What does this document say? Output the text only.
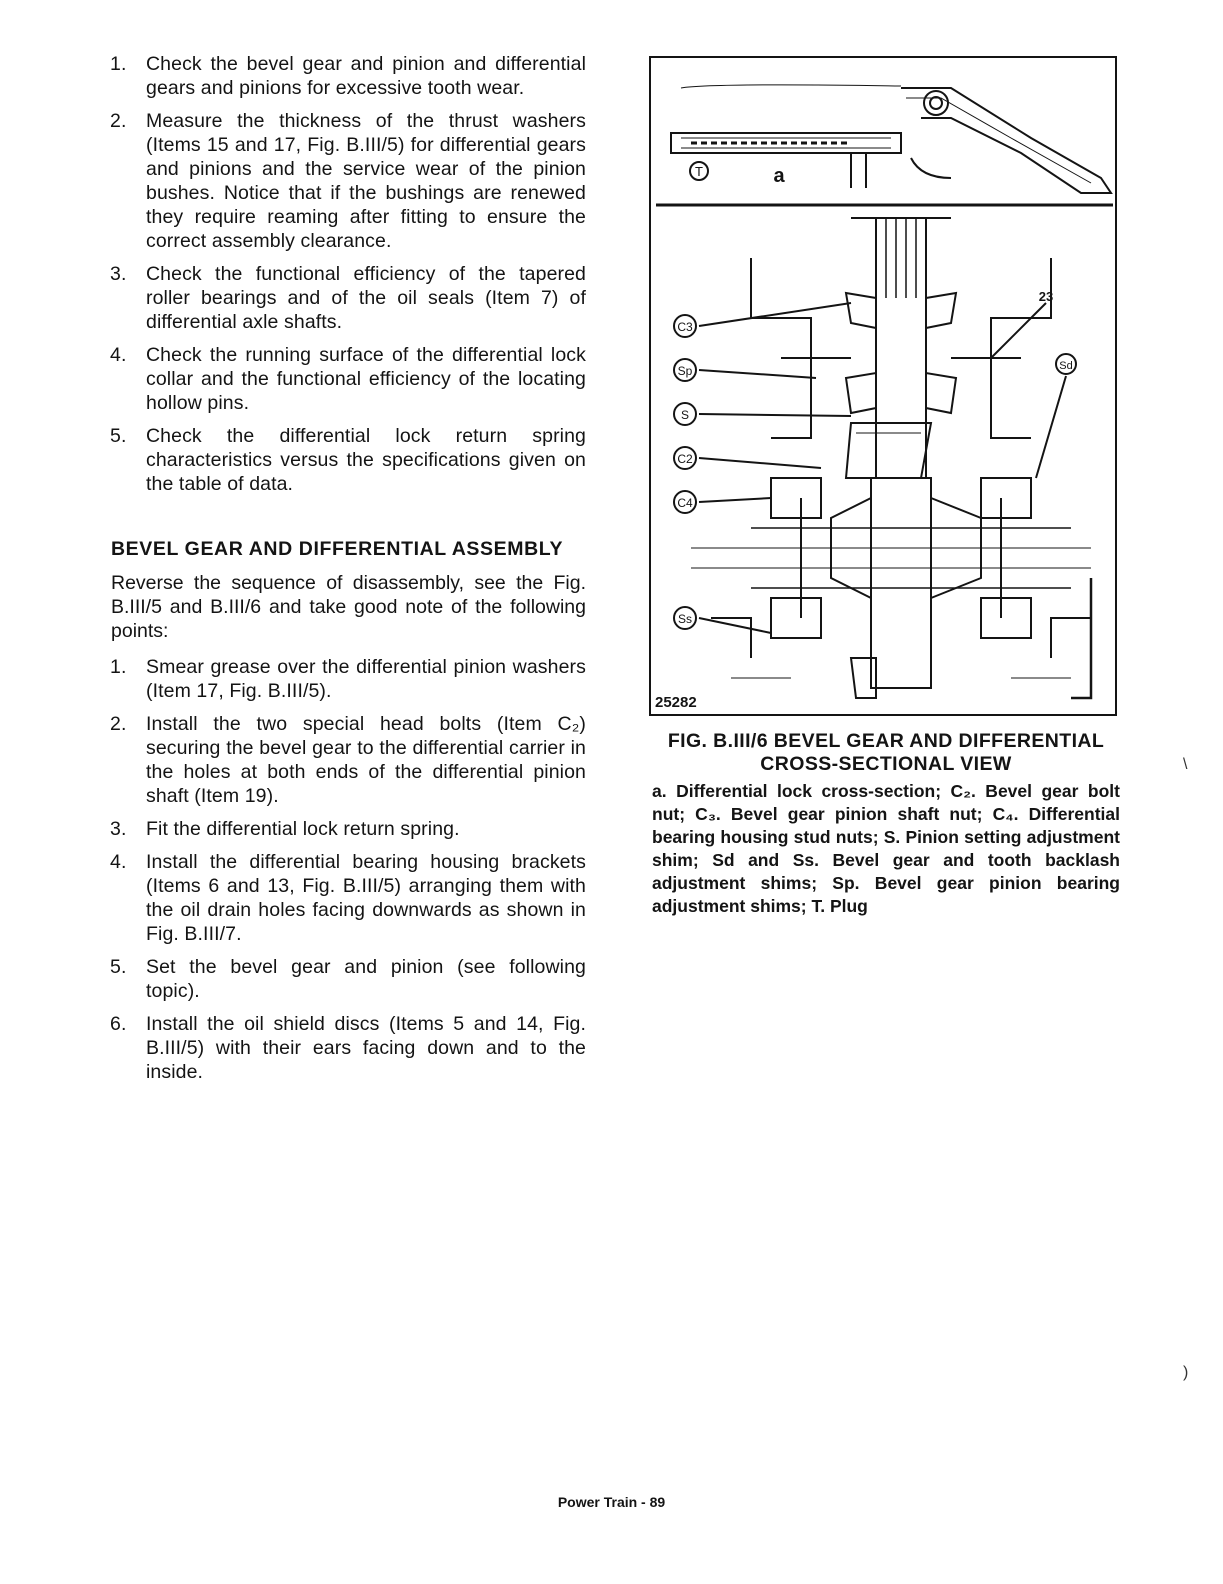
1. Check the bevel gear and pinion and differential gears and pinions for excessive tooth wear.
2. Measure the thickness of the thrust washers (Items 15 and 17, Fig. B.III/5) for differential gears and pinions and the service wear of the pinion bushes. Notice that if the bushings are renewed they require reaming after fitting to ensure the correct assembly clearance.
3. Check the functional efficiency of the tapered roller bearings and of the oil seals (Item 7) of differential axle shafts.
4. Check the running surface of the differential lock collar and the functional efficiency of the locating hollow pins.
5. Check the differential lock return spring characteristics versus the specifications given on the table of data.
BEVEL GEAR AND DIFFERENTIAL ASSEMBLY

Reverse the sequence of disassembly, see the Fig. B.III/5 and B.III/6 and take good note of the following points:

1. Smear grease over the differential pinion washers (Item 17, Fig. B.III/5).
2. Install the two special head bolts (Item C₂) securing the bevel gear to the differential carrier in the holes at both ends of the differential pinion shaft (Item 19).
3. Fit the differential lock return spring.
4. Install the differential bearing housing brackets (Items 6 and 13, Fig. B.III/5) arranging them with the oil drain holes facing downwards as shown in Fig. B.III/7.
5. Set the bevel gear and pinion (see following topic).
6. Install the oil shield discs (Items 5 and 14, Fig. B.III/5) with their ears facing down and to the inside.
T	a
C3
Sp
S
C2
C4
Ss
Sd
23
25282
FIG. B.III/6 BEVEL GEAR AND DIFFERENTIAL
CROSS-SECTIONAL VIEW
a. Differential lock cross-section; C₂. Bevel gear bolt nut; C₃. Bevel gear pinion shaft nut; C₄. Differential bearing housing stud nuts; S. Pinion setting adjustment shim; Sd and Ss. Bevel gear and tooth backlash adjustment shims; Sp. Bevel gear pinion bearing adjustment shims; T. Plug
Power Train - 89
\
)
